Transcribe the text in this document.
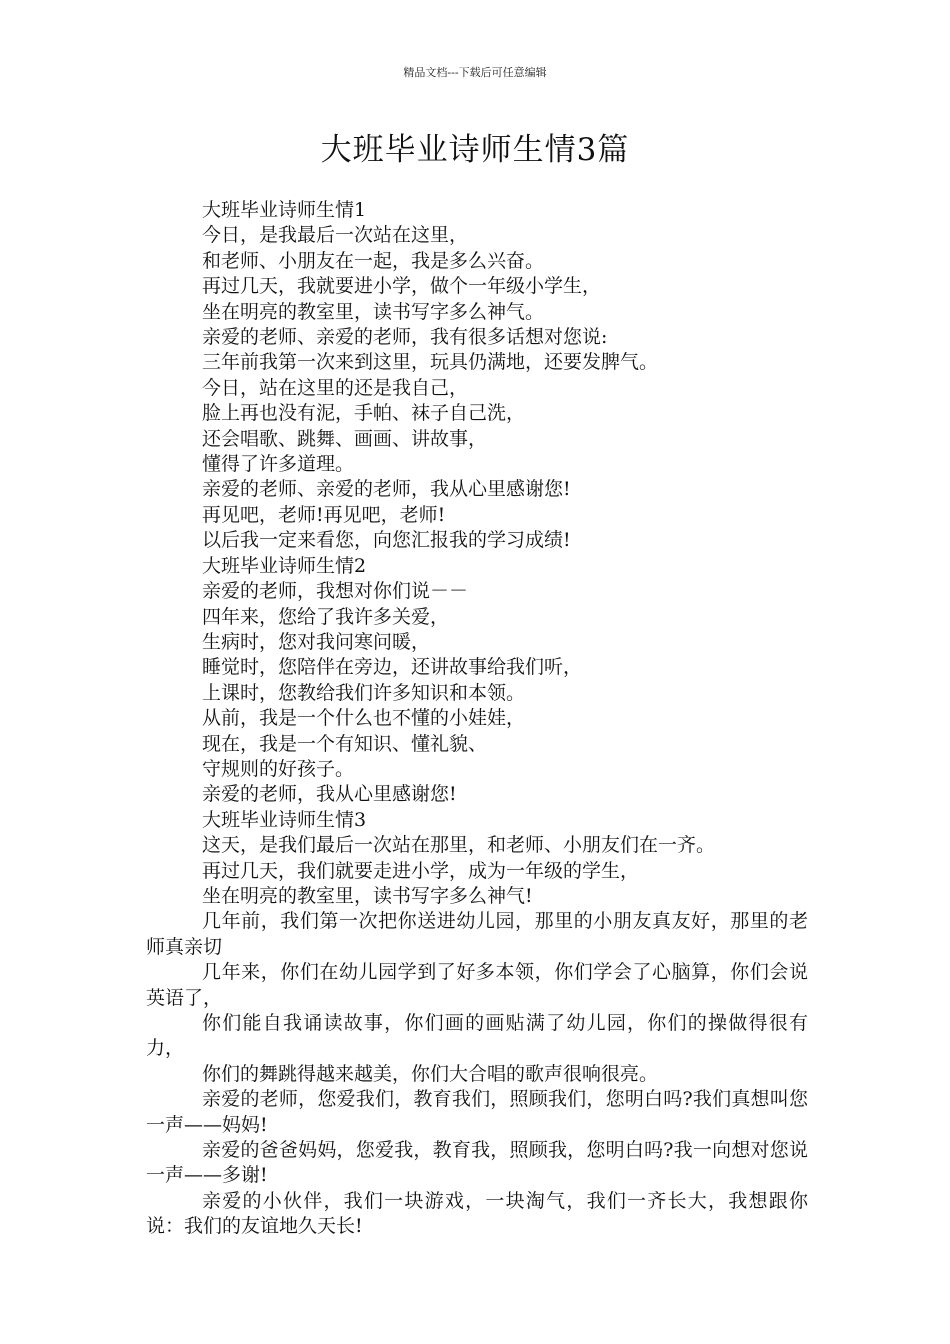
精品文档---下载后可任意编辑
大班毕业诗师生情3篇

大班毕业诗师生情1

今日，是我最后一次站在这里，

和老师、小朋友在一起，我是多么兴奋。

再过几天，我就要进小学，做个一年级小学生，

坐在明亮的教室里，读书写字多么神气。

亲爱的老师、亲爱的老师，我有很多话想对您说:

三年前我第一次来到这里，玩具仍满地，还要发脾气。

今日，站在这里的还是我自己，

脸上再也没有泥，手帕、袜子自己洗，

还会唱歌、跳舞、画画、讲故事，

懂得了许多道理。

亲爱的老师、亲爱的老师，我从心里感谢您!

再见吧，老师!再见吧，老师!

以后我一定来看您，向您汇报我的学习成绩!

大班毕业诗师生情2

亲爱的老师，我想对你们说－－

四年来，您给了我许多关爱，

生病时，您对我问寒问暖，

睡觉时，您陪伴在旁边，还讲故事给我们听，

上课时，您教给我们许多知识和本领。

从前，我是一个什么也不懂的小娃娃，

现在，我是一个有知识、懂礼貌、

守规则的好孩子。

亲爱的老师，我从心里感谢您!

大班毕业诗师生情3

这天，是我们最后一次站在那里，和老师、小朋友们在一齐。

再过几天，我们就要走进小学，成为一年级的学生，

坐在明亮的教室里，读书写字多么神气!

几年前，我们第一次把你送进幼儿园，那里的小朋友真友好，那里的老师真亲切

几年来，你们在幼儿园学到了好多本领，你们学会了心脑算，你们会说英语了，

你们能自我诵读故事，你们画的画贴满了幼儿园，你们的操做得很有力，

你们的舞跳得越来越美，你们大合唱的歌声很响很亮。

亲爱的老师，您爱我们，教育我们，照顾我们，您明白吗?我们真想叫您一声——妈妈!

亲爱的爸爸妈妈，您爱我，教育我，照顾我，您明白吗?我一向想对您说一声——多谢!

亲爱的小伙伴，我们一块游戏，一块淘气，我们一齐长大，我想跟你说：我们的友谊地久天长!
